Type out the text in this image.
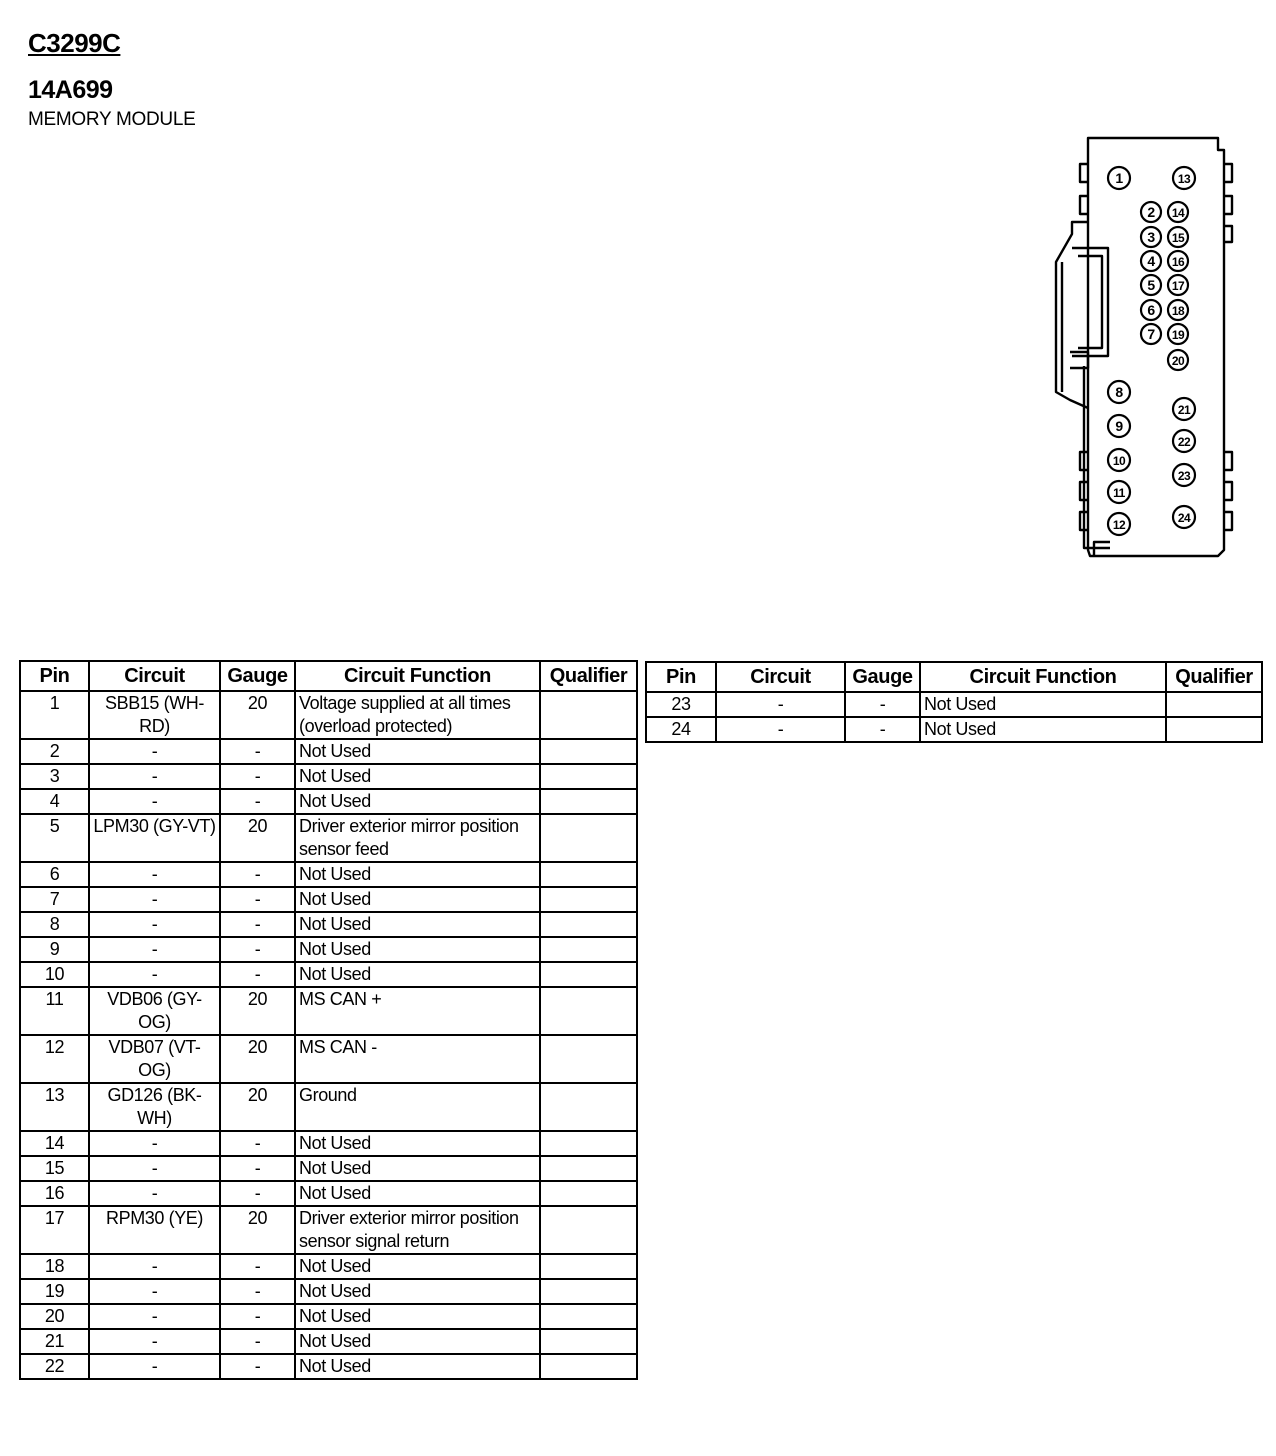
C3299C
14A699
MEMORY MODULE
1
2
3
4
5
6
7
8
9
10
11
12
13
14
15
16
17
18
19
20
21
22
23
24
Pin	Circuit	Gauge	Circuit Function	Qualifier
1	SBB15 (WH-RD)	20	Voltage supplied at all times (overload protected)	
2	-	-	Not Used	
3	-	-	Not Used	
4	-	-	Not Used	
5	LPM30 (GY-VT)	20	Driver exterior mirror position sensor feed	
6	-	-	Not Used	
7	-	-	Not Used	
8	-	-	Not Used	
9	-	-	Not Used	
10	-	-	Not Used	
11	VDB06 (GY-OG)	20	MS CAN +	
12	VDB07 (VT-OG)	20	MS CAN -	
13	GD126 (BK-WH)	20	Ground	
14	-	-	Not Used	
15	-	-	Not Used	
16	-	-	Not Used	
17	RPM30 (YE)	20	Driver exterior mirror position sensor signal return	
18	-	-	Not Used	
19	-	-	Not Used	
20	-	-	Not Used	
21	-	-	Not Used	
22	-	-	Not Used	
Pin	Circuit	Gauge	Circuit Function	Qualifier
23	-	-	Not Used	
24	-	-	Not Used	
